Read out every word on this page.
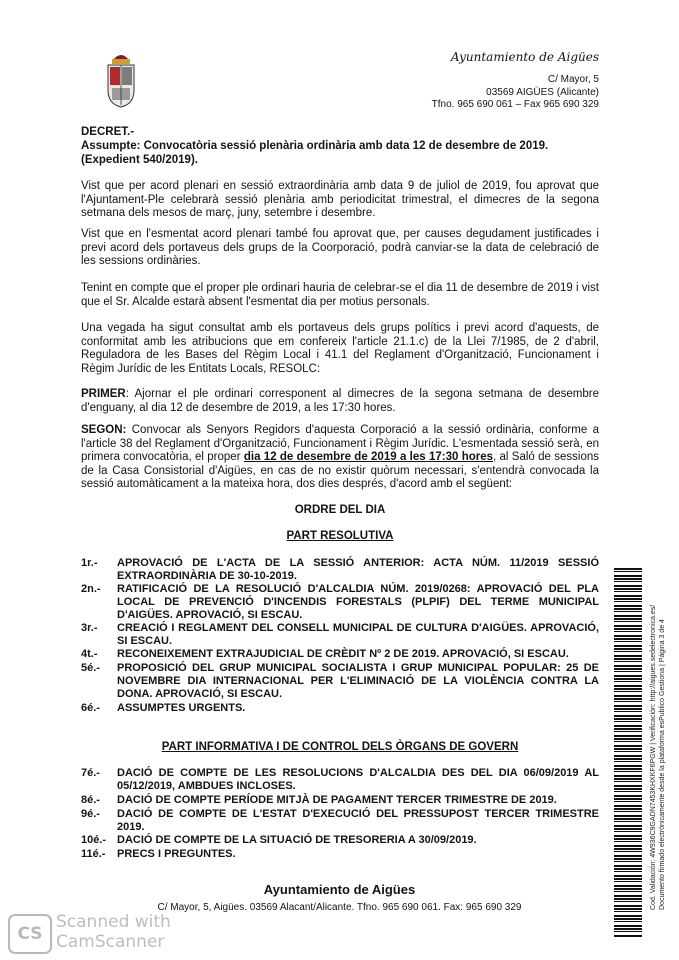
Ayuntamiento de Aigües
C/ Mayor, 5
03569 AIGÜES (Alicante)
Tfno. 965 690 061 – Fax 965 690 329
DECRET.-
Assumpte: Convocatòria sessió plenària ordinària amb data 12 de desembre de 2019. (Expedient 540/2019).
Vist que per acord plenari en sessió extraordinària amb data 9 de juliol de 2019, fou aprovat que l'Ajuntament-Ple celebrarà sessió plenària amb periodicitat trimestral, el dimecres de la segona setmana dels mesos de març, juny, setembre i desembre.
Vist que en l'esmentat acord plenari també fou aprovat que, per causes degudament justificades i previ acord dels portaveus dels grups de la Coorporació, podrà canviar-se la data de celebració de les sessions ordinàries.
Tenint en compte que el proper ple ordinari hauria de celebrar-se el dia 11 de desembre de 2019 i vist que el Sr. Alcalde estarà absent l'esmentat dia per motius personals.
Una vegada ha sigut consultat amb els portaveus dels grups polítics i previ acord d'aquests, de conformitat amb les atribucions que em confereix l'article 21.1.c) de la Llei 7/1985, de 2 d'abril, Reguladora de les Bases del Règim Local i 41.1 del Reglament d'Organització, Funcionament i Règim Jurídic de les Entitats Locals, RESOLC:
PRIMER: Ajornar el ple ordinari corresponent al dimecres de la segona setmana de desembre d'enguany, al dia 12 de desembre de 2019, a les 17:30 hores.
SEGON: Convocar als Senyors Regidors d'aquesta Corporació a la sessió ordinària, conforme a l'article 38 del Reglament d'Organització, Funcionament i Règim Jurídic. L'esmentada sessió serà, en primera convocatòria, el proper dia 12 de desembre de 2019 a les 17:30 hores, al Saló de sessions de la Casa Consistorial d'Aigües, en cas de no existir quòrum necessari, s'entendrà convocada la sessió automàticament a la mateixa hora, dos dies després, d'acord amb el següent:
ORDRE DEL DIA
PART RESOLUTIVA
1r.- APROVACIÓ DE L'ACTA DE LA SESSIÓ ANTERIOR: ACTA NÚM. 11/2019 SESSIÓ EXTRAORDINÀRIA DE 30-10-2019.
2n.- RATIFICACIÓ DE LA RESOLUCIÓ D'ALCALDIA NÚM. 2019/0268: APROVACIÓ DEL PLA LOCAL DE PREVENCIÓ D'INCENDIS FORESTALS (PLPIF) DEL TERME MUNICIPAL D'AIGÜES. APROVACIÓ, SI ESCAU.
3r.- CREACIÓ I REGLAMENT DEL CONSELL MUNICIPAL DE CULTURA D'AIGÜES. APROVACIÓ, SI ESCAU.
4t.- RECONEIXEMENT EXTRAJUDICIAL DE CRÈDIT Nº 2 DE 2019. APROVACIÓ, SI ESCAU.
5é.- PROPOSICIÓ DEL GRUP MUNICIPAL SOCIALISTA I GRUP MUNICIPAL POPULAR: 25 DE NOVEMBRE DIA INTERNACIONAL PER L'ELIMINACIÓ DE LA VIOLÈNCIA CONTRA LA DONA. APROVACIÓ, SI ESCAU.
6é.- ASSUMPTES URGENTS.
PART INFORMATIVA I DE CONTROL DELS ÒRGANS DE GOVERN
7é.- DACIÓ DE COMPTE DE LES RESOLUCIONS D'ALCALDIA DES DEL DIA 06/09/2019 AL 05/12/2019, AMBDUES INCLOSES.
8é.- DACIÓ DE COMPTE PERÍODE MITJÀ DE PAGAMENT TERCER TRIMESTRE DE 2019.
9é.- DACIÓ DE COMPTE DE L'ESTAT D'EXECUCIÓ DEL PRESSUPOST TERCER TRIMESTRE 2019.
10é.- DACIÓ DE COMPTE DE LA SITUACIÓ DE TRESORERIA A 30/09/2019.
11é.- PRECS I PREGUNTES.
Ayuntamiento de Aigües
C/ Mayor, 5, Aigües. 03569 Alacant/Alicante. Tfno. 965 690 061. Fax: 965 690 329	Cod. Validación: 4W936C9GADN7453KHXKF6PGW | Verificación: http://aigues.sedelectronica.es/ Documento firmado electrónicamente desde la plataforma esPublico Gestiona | Página 3 de 4
CS
Scanned with
CamScanner
